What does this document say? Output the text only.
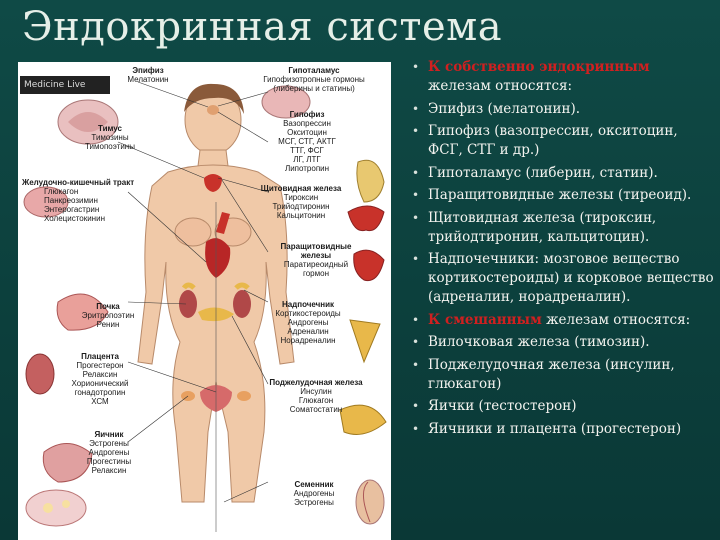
Эндокринная система
Medicine Live
Эпифиз
Мелатонин
Гипоталамус
Гипофизотропные гормоны
(либерины и статины)
Тимус
Тимозины
Тимопоэтины
Гипофиз
Вазопрессин
Окситоцин
МСГ, СТГ, АКТГ
ТТГ, ФСГ
ЛГ, ЛТГ
Липотропин
Желудочно-кишечный тракт
Глюкагон
Панкреозимин
Энтерогастрин
Холецистокинин
Щитовидная железа
Тироксин
Трийодтиронин
Кальцитонин
Паращитовидные железы
Паратиреоидный
гормон
Почка
Эритропоэтин
Ренин
Надпочечник
Кортикостероиды
Андрогены
Адреналин
Норадреналин
Плацента
Прогестерон
Релаксин
Хорионический
гонадотропин
ХСМ
Поджелудочная железа
Инсулин
Глюкагон
Соматостатин
Яичник
Эстрогены
Андрогены
Прогестины
Релаксин
Семенник
Андрогены
Эстрогены
• К собственно эндокринным железам относятся:
• Эпифиз (мелатонин).
• Гипофиз (вазопрессин, окситоцин, ФСГ, СТГ и др.)
• Гипоталамус (либерин, статин).
• Паращитовидные железы (тиреоид).
• Щитовидная железа (тироксин, трийодтиронин, кальцитоцин).
• Надпочечники: мозговое вещество кортикостероиды) и корковое вещество (адреналин, норадреналин).
• К смешанным железам относятся:
• Вилочковая железа (тимозин).
• Поджелудочная железа (инсулин, глюкагон)
• Яички (тестостерон)
• Яичники и плацента (прогестерон)
